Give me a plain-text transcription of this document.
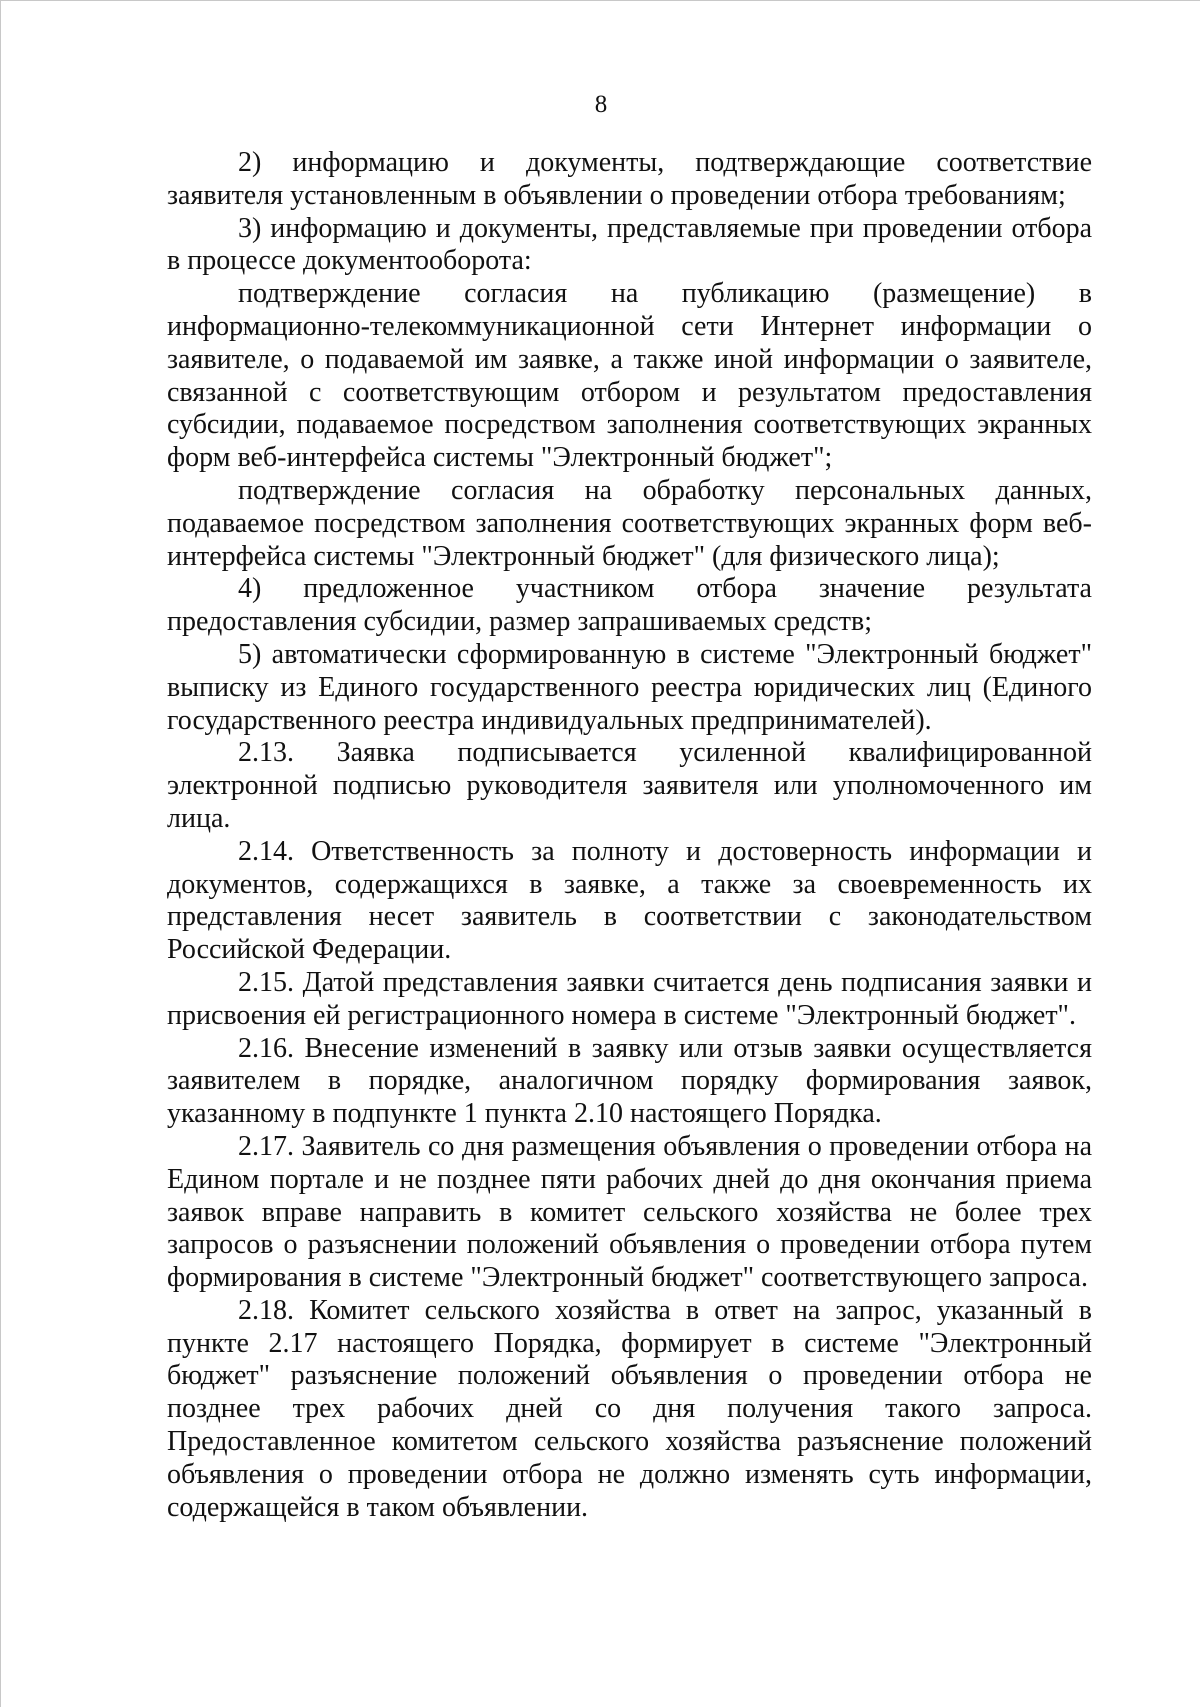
8

2) информацию и документы, подтверждающие соответствие заявителя установленным в объявлении о проведении отбора требованиям;

3) информацию и документы, представляемые при проведении отбора в процессе документооборота:

подтверждение согласия на публикацию (размещение) в информационно-телекоммуникационной сети Интернет информации о заявителе, о подаваемой им заявке, а также иной информации о заявителе, связанной с соответствующим отбором и результатом предоставления субсидии, подаваемое посредством заполнения соответствующих экранных форм веб-интерфейса системы "Электронный бюджет";

подтверждение согласия на обработку персональных данных, подаваемое посредством заполнения соответствующих экранных форм веб-интерфейса системы "Электронный бюджет" (для физического лица);

4) предложенное участником отбора значение результата предоставления субсидии, размер запрашиваемых средств;

5) автоматически сформированную в системе "Электронный бюджет" выписку из Единого государственного реестра юридических лиц (Единого государственного реестра индивидуальных предпринимателей).

2.13. Заявка подписывается усиленной квалифицированной электронной подписью руководителя заявителя или уполномоченного им лица.

2.14. Ответственность за полноту и достоверность информации и документов, содержащихся в заявке, а также за своевременность их представления несет заявитель в соответствии с законодательством Российской Федерации.

2.15. Датой представления заявки считается день подписания заявки и присвоения ей регистрационного номера в системе "Электронный бюджет".

2.16. Внесение изменений в заявку или отзыв заявки осуществляется заявителем в порядке, аналогичном порядку формирования заявок, указанному в подпункте 1 пункта 2.10 настоящего Порядка.

2.17. Заявитель со дня размещения объявления о проведении отбора на Едином портале и не позднее пяти рабочих дней до дня окончания приема заявок вправе направить в комитет сельского хозяйства не более трех запросов о разъяснении положений объявления о проведении отбора путем формирования в системе "Электронный бюджет" соответствующего запроса.

2.18. Комитет сельского хозяйства в ответ на запрос, указанный в пункте 2.17 настоящего Порядка, формирует в системе "Электронный бюджет" разъяснение положений объявления о проведении отбора не позднее трех рабочих дней со дня получения такого запроса. Предоставленное комитетом сельского хозяйства разъяснение положений объявления о проведении отбора не должно изменять суть информации, содержащейся в таком объявлении.
